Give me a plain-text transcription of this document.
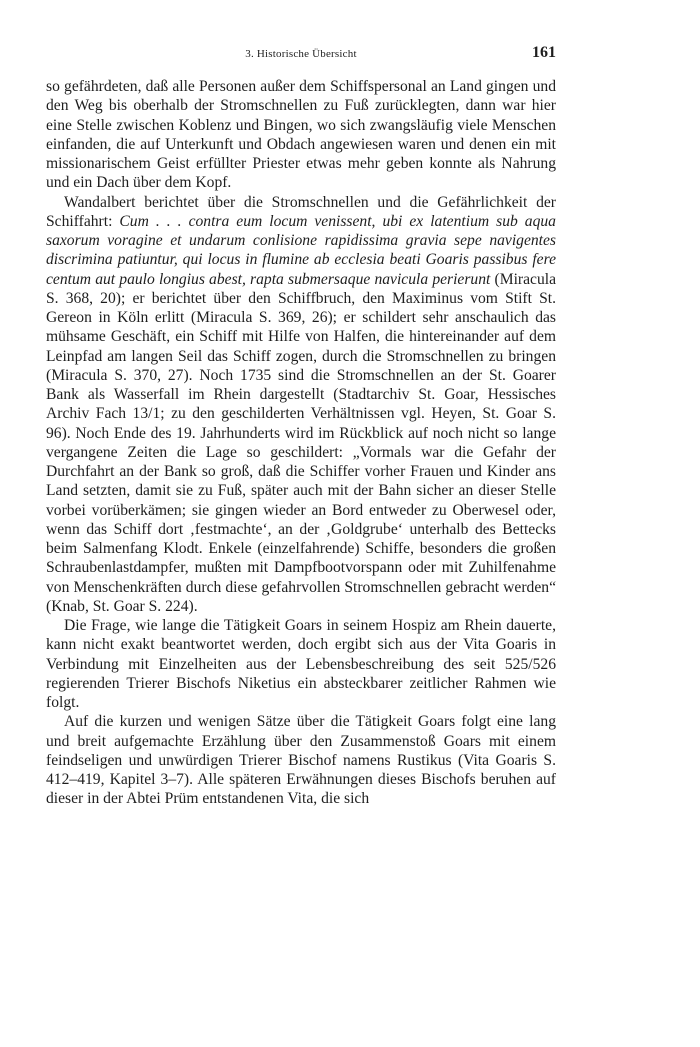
3. Historische Übersicht	161

so gefährdeten, daß alle Personen außer dem Schiffspersonal an Land gingen und den Weg bis oberhalb der Stromschnellen zu Fuß zurücklegten, dann war hier eine Stelle zwischen Koblenz und Bingen, wo sich zwangsläufig viele Menschen einfanden, die auf Unterkunft und Obdach angewiesen waren und denen ein mit missionarischem Geist erfüllter Priester etwas mehr geben konnte als Nahrung und ein Dach über dem Kopf.

Wandalbert berichtet über die Stromschnellen und die Gefährlichkeit der Schiffahrt: Cum . . . contra eum locum venissent, ubi ex latentium sub aqua saxorum voragine et undarum conlisione rapidissima gravia sepe navigentes discrimina patiuntur, qui locus in flumine ab ecclesia beati Goaris passibus fere centum aut paulo longius abest, rapta submersaque navicula perierunt (Miracula S. 368, 20); er berichtet über den Schiffbruch, den Maximinus vom Stift St. Gereon in Köln erlitt (Miracula S. 369, 26); er schildert sehr anschaulich das mühsame Geschäft, ein Schiff mit Hilfe von Halfen, die hintereinander auf dem Leinpfad am langen Seil das Schiff zogen, durch die Stromschnellen zu bringen (Miracula S. 370, 27). Noch 1735 sind die Stromschnellen an der St. Goarer Bank als Wasserfall im Rhein dargestellt (Stadtarchiv St. Goar, Hessisches Archiv Fach 13/1; zu den geschilderten Verhältnissen vgl. Heyen, St. Goar S. 96). Noch Ende des 19. Jahrhunderts wird im Rückblick auf noch nicht so lange vergangene Zeiten die Lage so geschildert: „Vormals war die Gefahr der Durchfahrt an der Bank so groß, daß die Schiffer vorher Frauen und Kinder ans Land setzten, damit sie zu Fuß, später auch mit der Bahn sicher an dieser Stelle vorbei vorüberkämen; sie gingen wieder an Bord entweder zu Oberwesel oder, wenn das Schiff dort ‚festmachte‘, an der ‚Goldgrube‘ unterhalb des Bettecks beim Salmenfang Klodt. Enkele (einzelfahrende) Schiffe, besonders die großen Schraubenlastdampfer, mußten mit Dampfbootvorspann oder mit Zuhilfenahme von Menschenkräften durch diese gefahrvollen Stromschnellen gebracht werden“ (Knab, St. Goar S. 224).

Die Frage, wie lange die Tätigkeit Goars in seinem Hospiz am Rhein dauerte, kann nicht exakt beantwortet werden, doch ergibt sich aus der Vita Goaris in Verbindung mit Einzelheiten aus der Lebensbeschreibung des seit 525/526 regierenden Trierer Bischofs Niketius ein absteckbarer zeitlicher Rahmen wie folgt.

Auf die kurzen und wenigen Sätze über die Tätigkeit Goars folgt eine lang und breit aufgemachte Erzählung über den Zusammenstoß Goars mit einem feindseligen und unwürdigen Trierer Bischof namens Rustikus (Vita Goaris S. 412–419, Kapitel 3–7). Alle späteren Erwähnungen dieses Bischofs beruhen auf dieser in der Abtei Prüm entstandenen Vita, die sich
